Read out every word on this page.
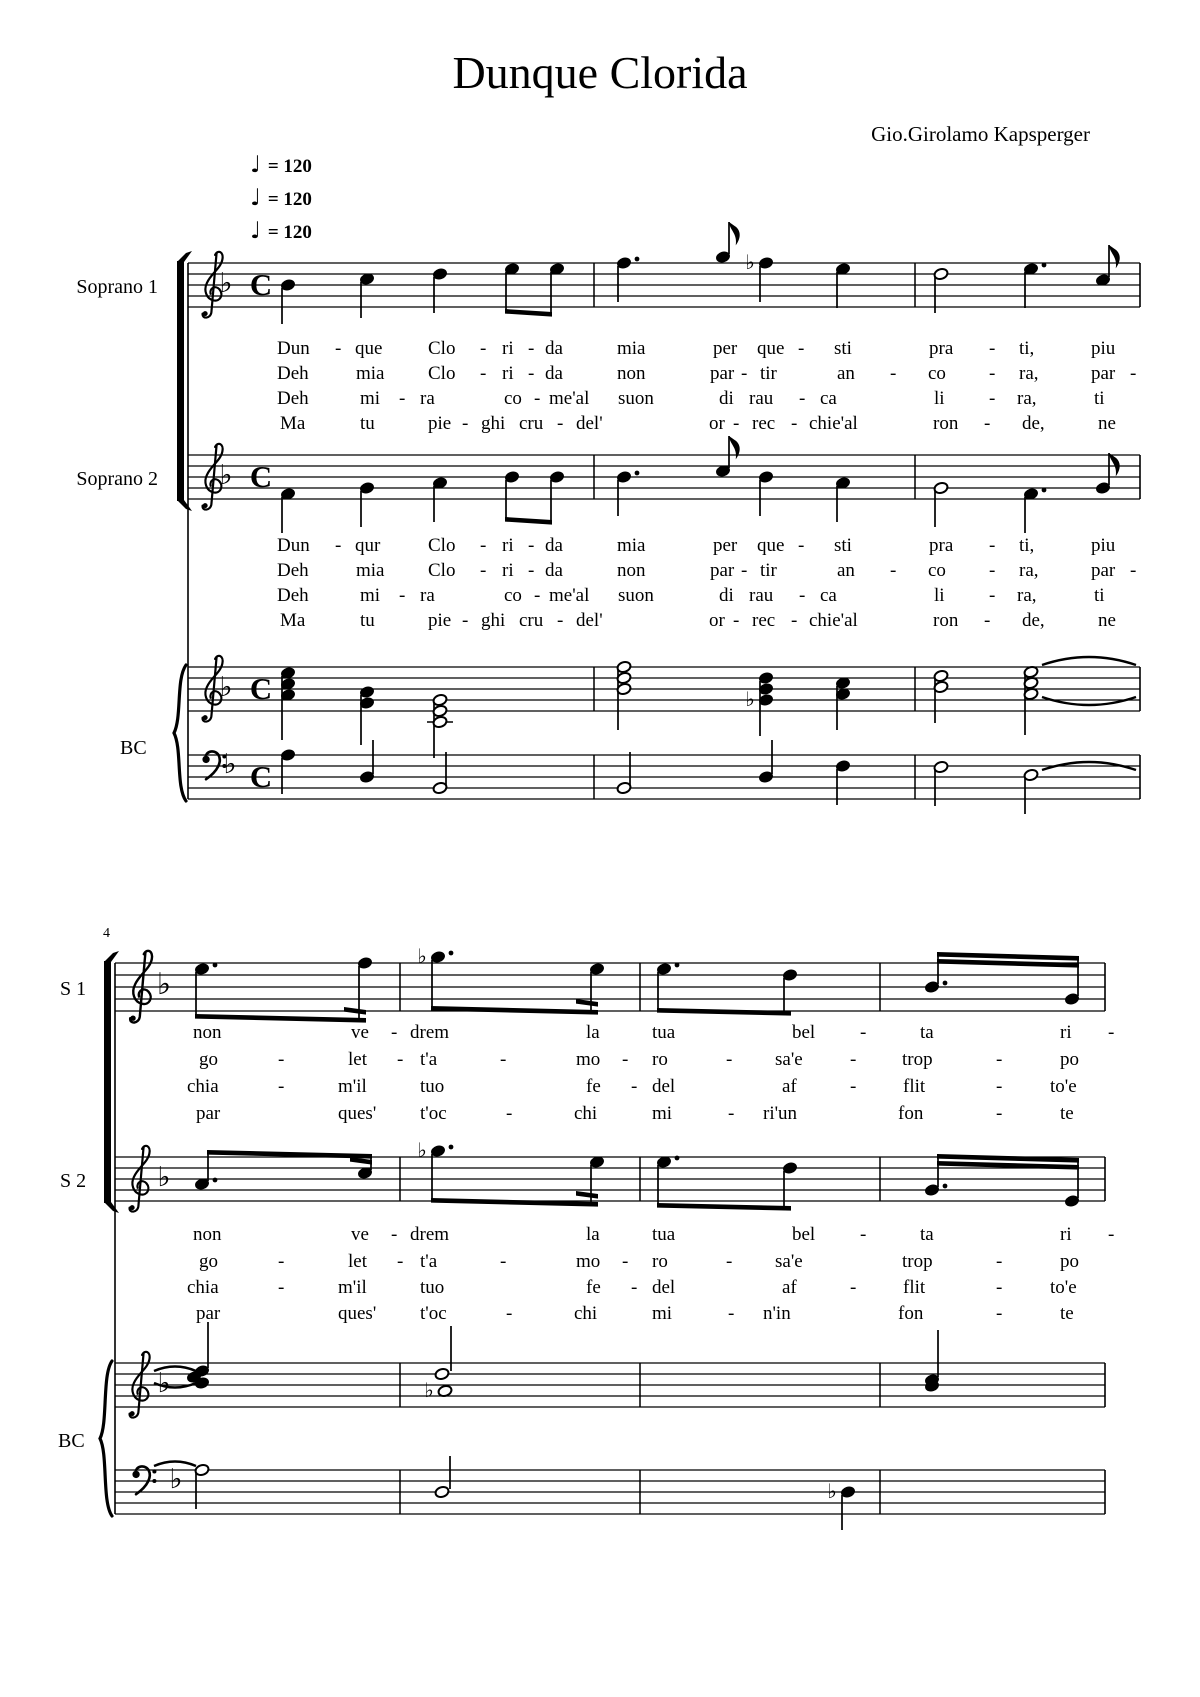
♭ C
♭
♭ C
♭ C	♭
♭ C
♭
♭
♭
♭
♭	♭
♭	♭
Dunque Clorida
Gio.Girolamo Kapsperger
♩ = 120
♩ = 120
♩ = 120
Soprano 1
Soprano 2
BC
4
S 1
S 2
BC
Dun - que Clo - ri - da	mia	per que - sti	pra - ti,	piu
Deh mia Clo - ri - da	non	par - tir	an - co - ra,	par -
Deh	mi - ra	co - me'al suon	di rau - ca	li - ra,	ti
Ma	tu	pie - ghi cru - del'	or - rec - chie'al	ron - de,	ne
Dun - qur	Clo - ri - da	mia	per que - sti	pra - ti,	piu
Deh mia Clo - ri - da	non	par - tir	an - co - ra,	par -
Deh	mi - ra	co - me'al suon	di rau - ca	li - ra,	ti
Ma	tu	pie - ghi cru - del'	or - rec - chie'al	ron - de,	ne
non	ve - drem	la	tua	bel -	ta	ri -
go	-	let - t'a	-	mo - ro	- sa'e - trop	-	po
chia	-	m'il	tuo	fe - del	af	- flit	-	to'e
par	ques' t'oc	-	chi	mi	- ri'un	fon	-	te
non	ve - drem	la	tua	bel -	ta	ri -
go	-	let - t'a	-	mo - ro	- sa'e	trop	-	po
chia	-	m'il	tuo	fe - del	af	- flit	-	to'e
par	ques' t'oc	-	chi	mi	- n'in	fon	-	te
